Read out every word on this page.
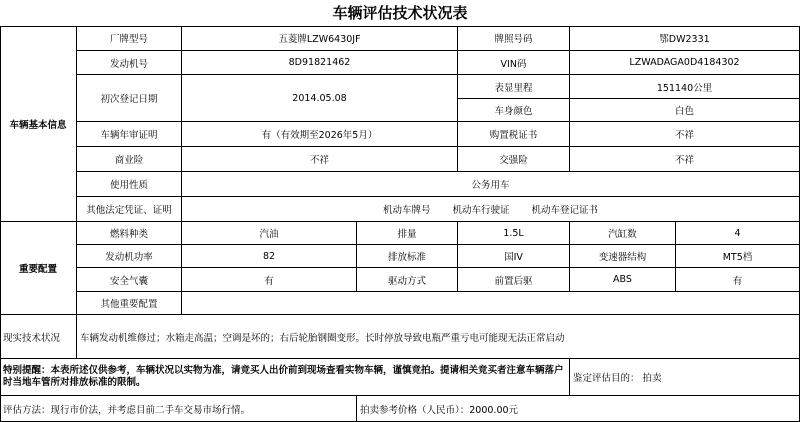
车辆评估技术状况表
车辆基本信息
重要配置
现实技术状况
厂牌型号	五菱牌LZW6430JF	牌照号码	鄂DW2331
发动机号	8D91821462	VIN码	LZWADAGA0D4184302
初次登记日期	2014.05.08
表显里程	151140公里
车身颜色	白色
车辆年审证明	有（有效期至2026年5月）	购置税证书	不祥
商业险	不祥	交强险	不祥
使用性质	公务用车
其他法定凭证、证明	机动车牌号 机动车行驶证 机动车登记证书
燃料种类	汽油	排量	1.5L	汽缸数	4
发动机功率	82	排放标准	国IV	变速器结构	MT5档
安全气囊	有	驱动方式	前置后驱	ABS	有
其他重要配置
车辆发动机维修过；水箱走高温；空调是坏的；右后轮胎钢圈变形。长时停放导致电瓶严重亏电可能现无法正常启动
特别提醒：本表所述仅供参考，车辆状况以实物为准，请竞买人出价前到现场查看实物车辆，谨慎竞拍。提请相关竞买者注意车辆落户时当地车管所对排放标准的限制。	鉴定评估目的： 拍卖
评估方法：现行市价法，并考虑目前二手车交易市场行情。	拍卖参考价格（人民币）：2000.00元
